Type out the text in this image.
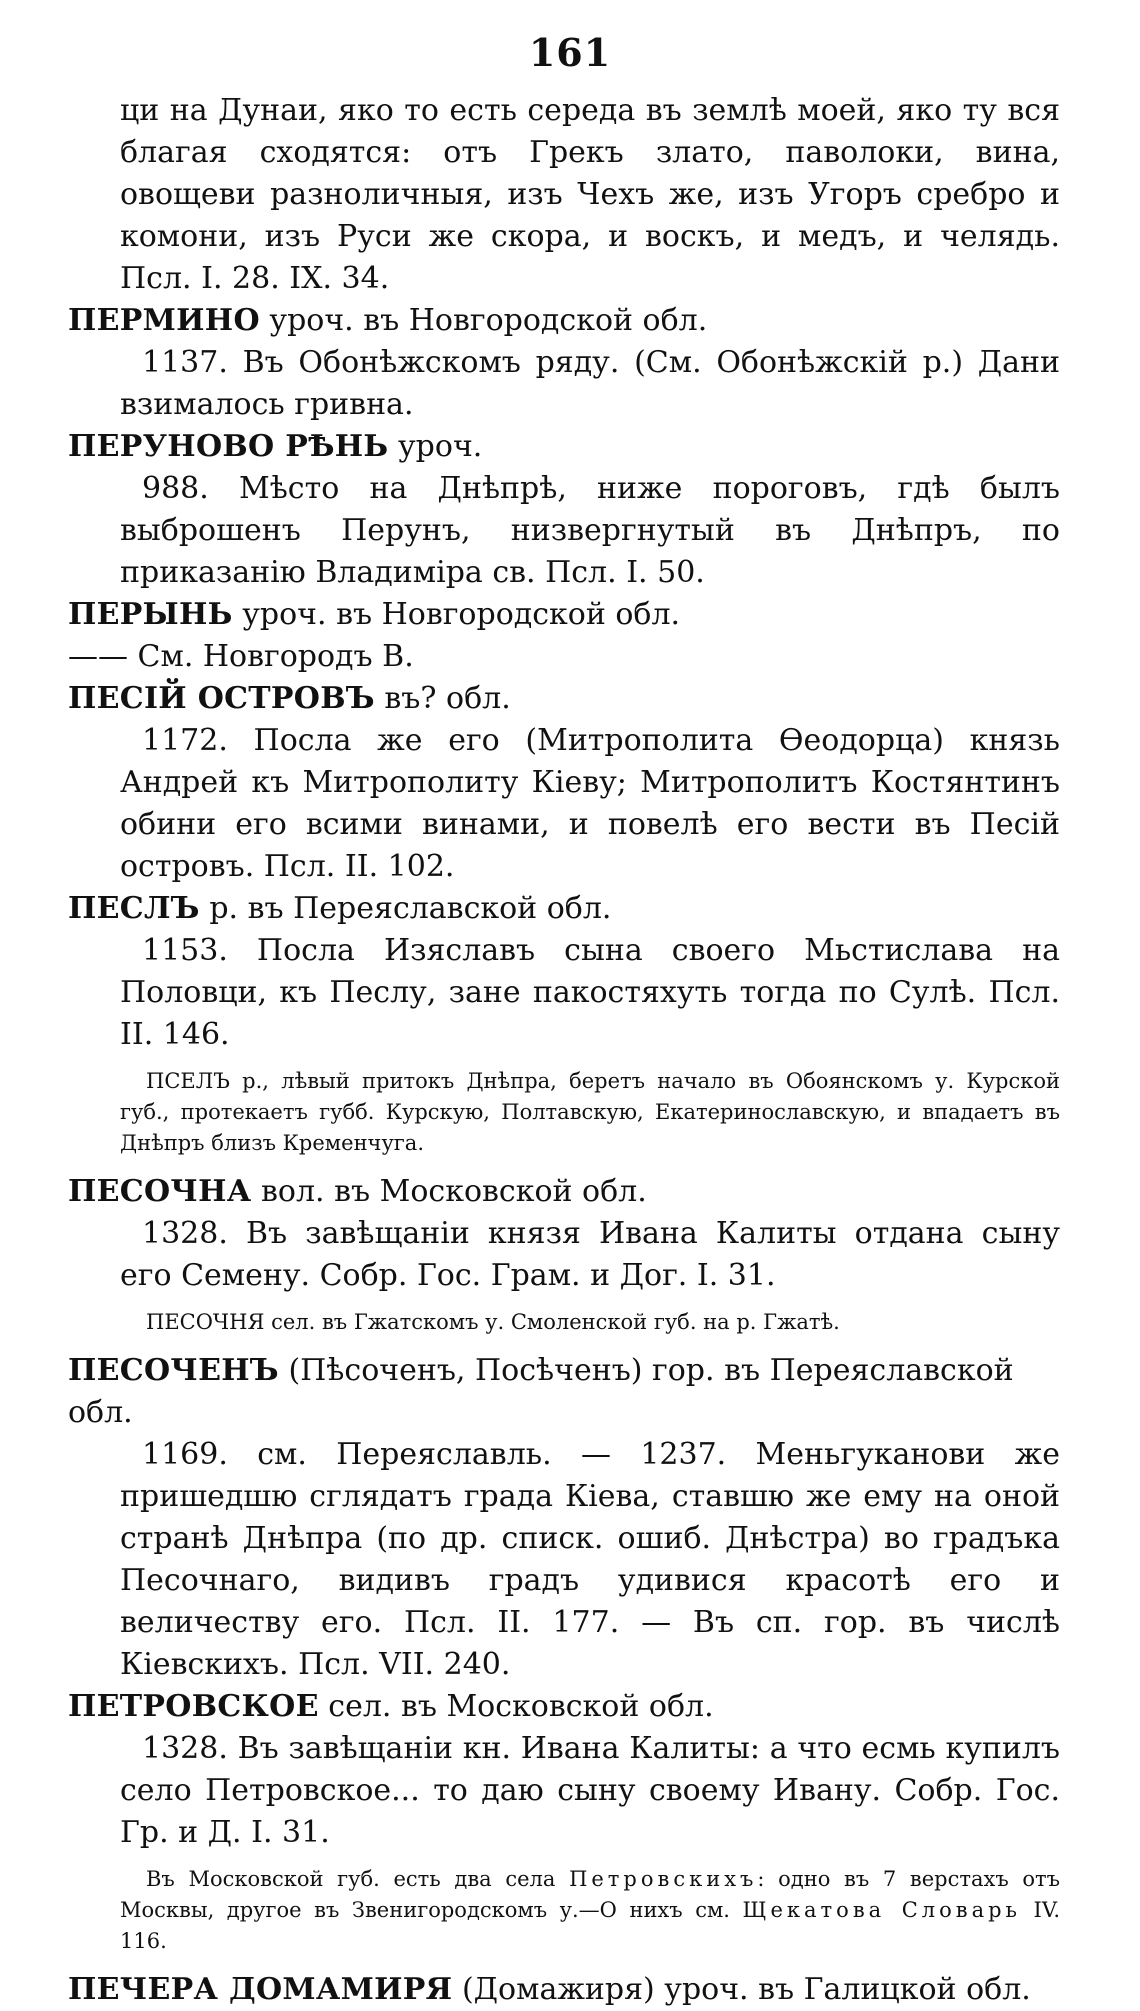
161

ци на Дунаи, яко то есть середа въ землѣ моей, яко ту вся благая сходятся: отъ Грекъ злато, паволоки, вина, овощеви разноличныя, изъ Чехъ же, изъ Угоръ сребро и комони, изъ Руси же скора, и воскъ, и медъ, и челядь. Псл. I. 28. IX. 34.

ПЕРМИНО уроч. въ Новгородской обл.

1137. Въ Обонѣжскомъ ряду. (См. Обонѣжскій р.) Дани взималось гривна.

ПЕРУНОВО РѢНЬ уроч.

988. Мѣсто на Днѣпрѣ, ниже пороговъ, гдѣ былъ выброшенъ Перунъ, низвергнутый въ Днѣпръ, по приказанію Владиміра св. Псл. I. 50.

ПЕРЫНЬ уроч. въ Новгородской обл.

—— См. Новгородъ В.

ПЕСІЙ ОСТРОВЪ въ? обл.

1172. Посла же его (Митрополита Ѳеодорца) князь Андрей къ Митрополиту Кіеву; Митрополитъ Костянтинъ обини его всими винами, и повелѣ его вести въ Песій островъ. Псл. II. 102.

ПЕСЛЪ р. въ Переяславской обл.

1153. Посла Изяславъ сына своего Мьстислава на Половци, къ Песлу, зане пакостяхуть тогда по Сулѣ. Псл. II. 146.

ПСЕЛЪ р., лѣвый притокъ Днѣпра, беретъ начало въ Обоянскомъ у. Курской губ., протекаетъ губб. Курскую, Полтавскую, Екатеринославскую, и впадаетъ въ Днѣпръ близъ Кременчуга.

ПЕСОЧНА вол. въ Московской обл.

1328. Въ завѣщаніи князя Ивана Калиты отдана сыну его Семену. Собр. Гос. Грам. и Дог. I. 31.

ПЕСОЧНЯ сел. въ Гжатскомъ у. Смоленской губ. на р. Гжатѣ.

ПЕСОЧЕНЪ (Пѣсоченъ, Посѣченъ) гор. въ Переяславской обл.

1169. см. Переяславль. — 1237. Меньгуканови же пришедшю сглядатъ града Кіева, ставшю же ему на оной странѣ Днѣпра (по др. списк. ошиб. Днѣстра) во градъка Песочнаго, видивъ градъ удивися красотѣ его и величеству его. Псл. II. 177. — Въ сп. гор. въ числѣ Кіевскихъ. Псл. VII. 240.

ПЕТРОВСКОЕ сел. въ Московской обл.

1328. Въ завѣщаніи кн. Ивана Калиты: а что есмь купилъ село Петровское... то даю сыну своему Ивану. Собр. Гос. Гр. и Д. I. 31.

Въ Московской губ. есть два села Петровскихъ: одно въ 7 верстахъ отъ Москвы, другое въ Звенигородскомъ у.—О нихъ см. Щекатова Словарь IV. 116.

ПЕЧЕРА ДОМАМИРЯ (Домажиря) уроч. въ Галицкой обл.
